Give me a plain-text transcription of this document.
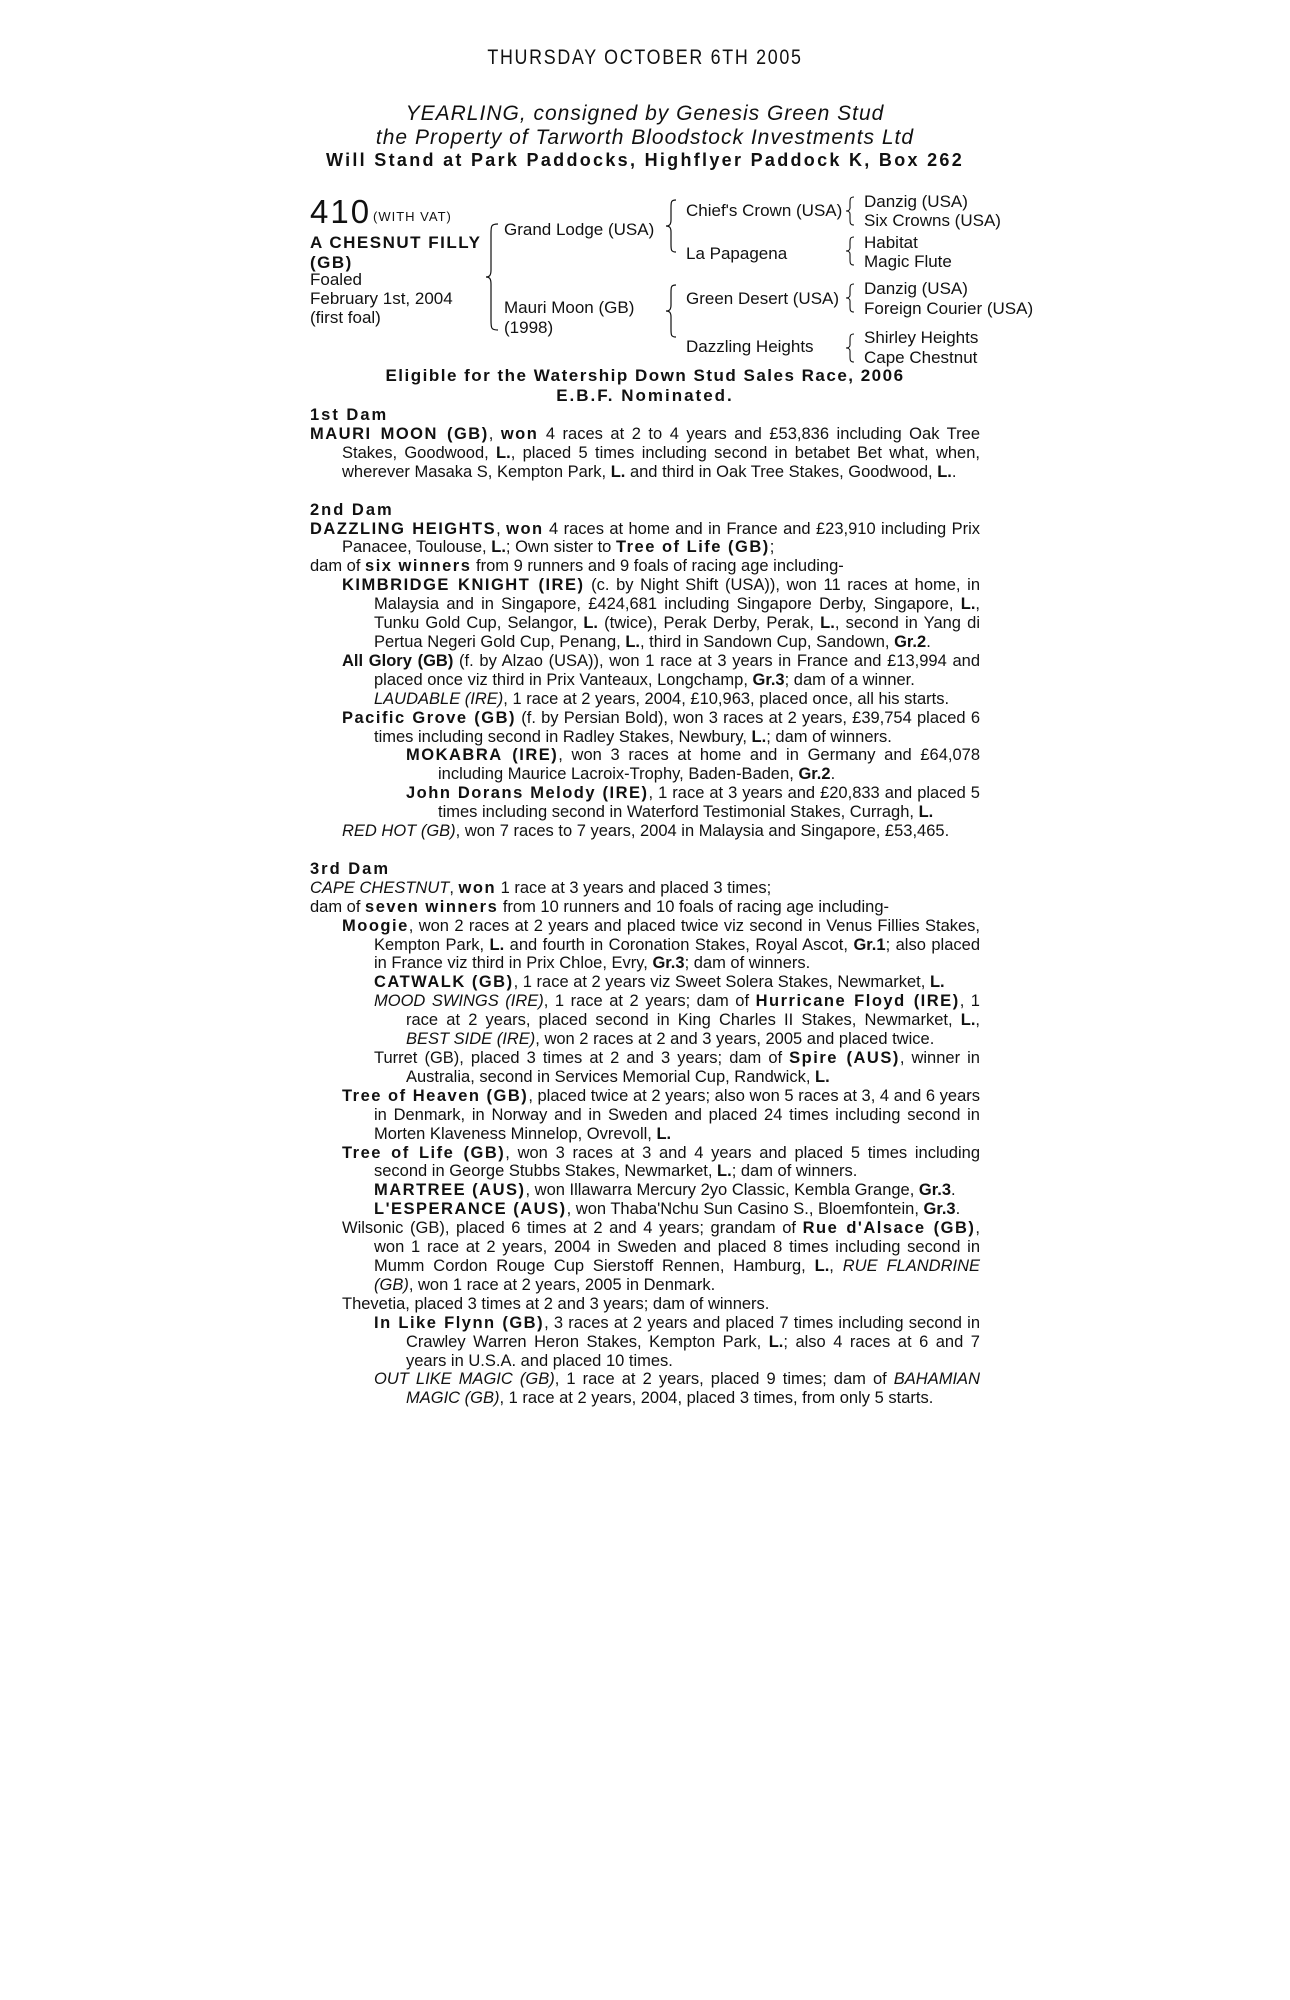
THURSDAY OCTOBER 6TH 2005
YEARLING, consigned by Genesis Green Stud
the Property of Tarworth Bloodstock Investments Ltd
Will Stand at Park Paddocks, Highflyer Paddock K, Box 262
410 (WITH VAT)
A CHESNUT FILLY (GB)
Foaled
February 1st, 2004
(first foal)
Grand Lodge (USA)
Mauri Moon (GB)
(1998)
Chief's Crown (USA)
La Papagena
Green Desert (USA)
Dazzling Heights
Danzig (USA)
Six Crowns (USA)
Habitat
Magic Flute
Danzig (USA)
Foreign Courier (USA)
Shirley Heights
Cape Chestnut
Eligible for the Watership Down Stud Sales Race, 2006
E.B.F. Nominated.

1st Dam

MAURI MOON (GB), won 4 races at 2 to 4 years and £53,836 including Oak Tree Stakes, Goodwood, L., placed 5 times including second in betabet Bet what, when, wherever Masaka S, Kempton Park, L. and third in Oak Tree Stakes, Goodwood, L..

2nd Dam

DAZZLING HEIGHTS, won 4 races at home and in France and £23,910 including Prix Panacee, Toulouse, L.; Own sister to Tree of Life (GB);

dam of six winners from 9 runners and 9 foals of racing age including-

KIMBRIDGE KNIGHT (IRE) (c. by Night Shift (USA)), won 11 races at home, in Malaysia and in Singapore, £424,681 including Singapore Derby, Singapore, L., Tunku Gold Cup, Selangor, L. (twice), Perak Derby, Perak, L., second in Yang di Pertua Negeri Gold Cup, Penang, L., third in Sandown Cup, Sandown, Gr.2.

All Glory (GB) (f. by Alzao (USA)), won 1 race at 3 years in France and £13,994 and placed once viz third in Prix Vanteaux, Longchamp, Gr.3; dam of a winner.

LAUDABLE (IRE), 1 race at 2 years, 2004, £10,963, placed once, all his starts.

Pacific Grove (GB) (f. by Persian Bold), won 3 races at 2 years, £39,754 placed 6 times including second in Radley Stakes, Newbury, L.; dam of winners.

MOKABRA (IRE), won 3 races at home and in Germany and £64,078 including Maurice Lacroix-Trophy, Baden-Baden, Gr.2.

John Dorans Melody (IRE), 1 race at 3 years and £20,833 and placed 5 times including second in Waterford Testimonial Stakes, Curragh, L.

RED HOT (GB), won 7 races to 7 years, 2004 in Malaysia and Singapore, £53,465.

3rd Dam

CAPE CHESTNUT, won 1 race at 3 years and placed 3 times;

dam of seven winners from 10 runners and 10 foals of racing age including-

Moogie, won 2 races at 2 years and placed twice viz second in Venus Fillies Stakes, Kempton Park, L. and fourth in Coronation Stakes, Royal Ascot, Gr.1; also placed in France viz third in Prix Chloe, Evry, Gr.3; dam of winners.

CATWALK (GB), 1 race at 2 years viz Sweet Solera Stakes, Newmarket, L.

MOOD SWINGS (IRE), 1 race at 2 years; dam of Hurricane Floyd (IRE), 1 race at 2 years, placed second in King Charles II Stakes, Newmarket, L., BEST SIDE (IRE), won 2 races at 2 and 3 years, 2005 and placed twice.

Turret (GB), placed 3 times at 2 and 3 years; dam of Spire (AUS), winner in Australia, second in Services Memorial Cup, Randwick, L.

Tree of Heaven (GB), placed twice at 2 years; also won 5 races at 3, 4 and 6 years in Denmark, in Norway and in Sweden and placed 24 times including second in Morten Klaveness Minnelop, Ovrevoll, L.

Tree of Life (GB), won 3 races at 3 and 4 years and placed 5 times including second in George Stubbs Stakes, Newmarket, L.; dam of winners.

MARTREE (AUS), won Illawarra Mercury 2yo Classic, Kembla Grange, Gr.3.

L'ESPERANCE (AUS), won Thaba'Nchu Sun Casino S., Bloemfontein, Gr.3.

Wilsonic (GB), placed 6 times at 2 and 4 years; grandam of Rue d'Alsace (GB), won 1 race at 2 years, 2004 in Sweden and placed 8 times including second in Mumm Cordon Rouge Cup Sierstoff Rennen, Hamburg, L., RUE FLANDRINE (GB), won 1 race at 2 years, 2005 in Denmark.

Thevetia, placed 3 times at 2 and 3 years; dam of winners.

In Like Flynn (GB), 3 races at 2 years and placed 7 times including second in Crawley Warren Heron Stakes, Kempton Park, L.; also 4 races at 6 and 7 years in U.S.A. and placed 10 times.

OUT LIKE MAGIC (GB), 1 race at 2 years, placed 9 times; dam of BAHAMIAN MAGIC (GB), 1 race at 2 years, 2004, placed 3 times, from only 5 starts.
